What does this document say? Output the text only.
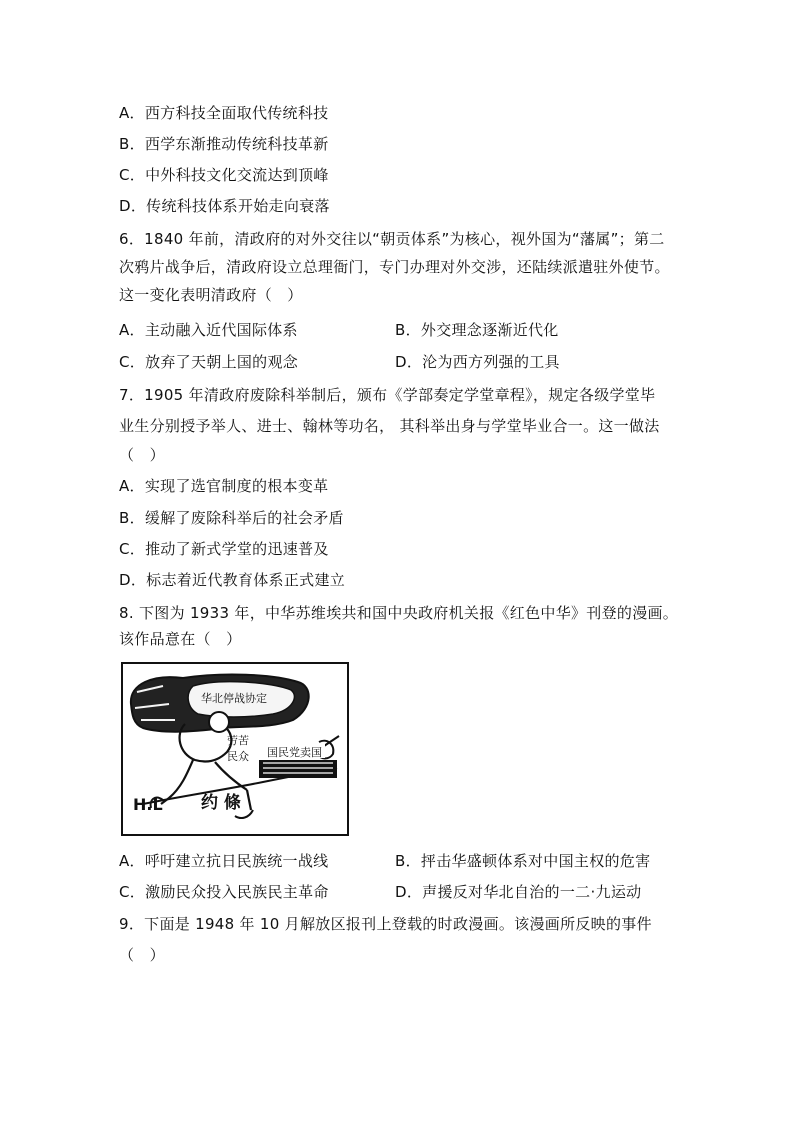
A．西方科技全面取代传统科技
B．西学东渐推动传统科技革新
C．中外科技文化交流达到顶峰
D．传统科技体系开始走向衰落
6．1840 年前，清政府的对外交往以“朝贡体系”为核心，视外国为“藩属”；第二
次鸦片战争后，清政府设立总理衙门，专门办理对外交涉，还陆续派遣驻外使节。
这一变化表明清政府（　）
A．主动融入近代国际体系	B．外交理念逐渐近代化
C．放弃了天朝上国的观念	D．沦为西方列强的工具
7．1905 年清政府废除科举制后，颁布《学部奏定学堂章程》，规定各级学堂毕
业生分别授予举人、进士、翰林等功名， 其科举出身与学堂毕业合一。这一做法
（　）
A．实现了选官制度的根本变革
B．缓解了废除科举后的社会矛盾
C．推动了新式学堂的迅速普及
D．标志着近代教育体系正式建立
8. 下图为 1933 年，中华苏维埃共和国中央政府机关报《红色中华》刊登的漫画。
该作品意在（　）
华北停战协定
劳苦
民众 国民党卖国
约 條
H.L
A．呼吁建立抗日民族统一战线	B．抨击华盛顿体系对中国主权的危害
C．激励民众投入民族民主革命	D．声援反对华北自治的一二·九运动
9．下面是 1948 年 10 月解放区报刊上登载的时政漫画。该漫画所反映的事件
（　）
